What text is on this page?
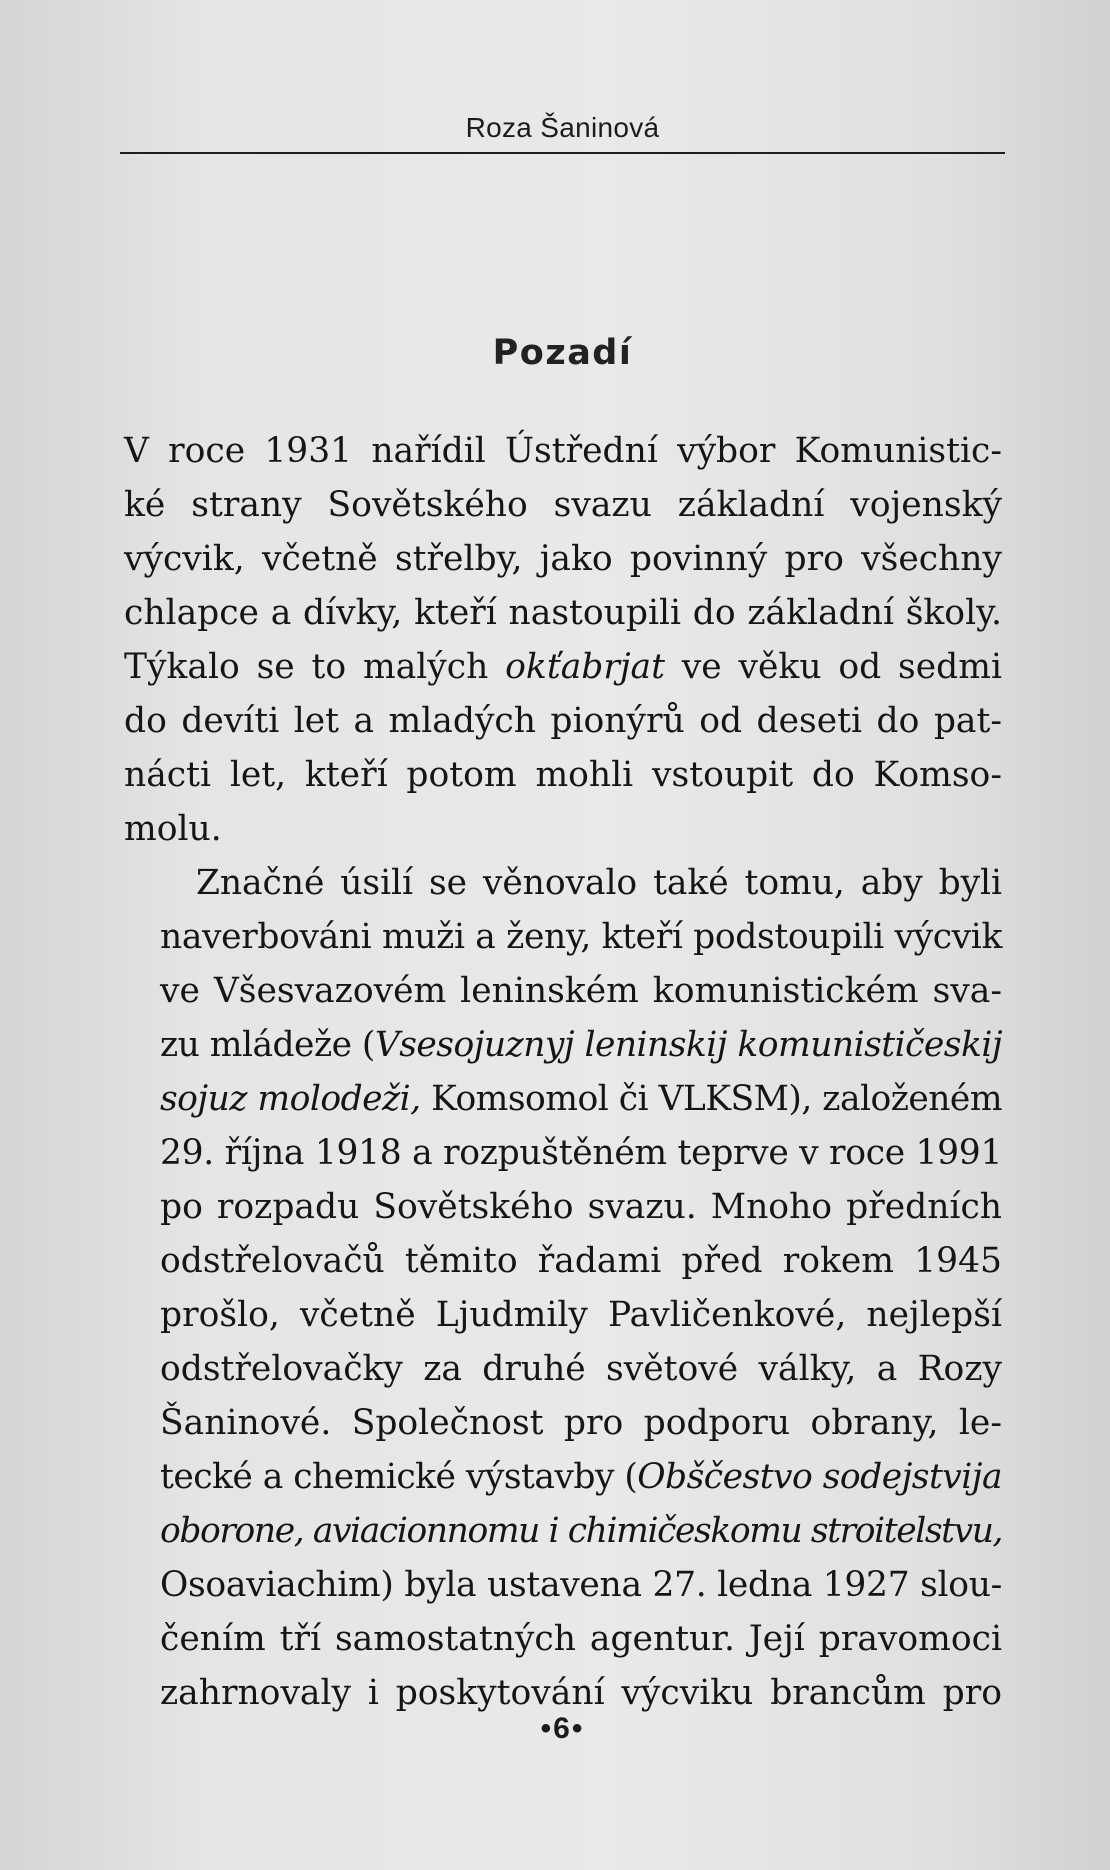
Roza Šaninová
Pozadí
V roce 1931 nařídil Ústřední výbor Komunistic-
ké strany Sovětského svazu základní vojenský
výcvik, včetně střelby, jako povinný pro všechny
chlapce a dívky, kteří nastoupili do základní školy.
Týkalo se to malých okťabrjat ve věku od sedmi
do devíti let a mladých pionýrů od deseti do pat-
nácti let, kteří potom mohli vstoupit do Komso-
molu.
Značné úsilí se věnovalo také tomu, aby byli
naverbováni muži a ženy, kteří podstoupili výcvik
ve Všesvazovém leninském komunistickém sva-
zu mládeže (Vsesojuznyj leninskij komunističeskij
sojuz molodeži, Komsomol či VLKSM), založeném
29. října 1918 a rozpuštěném teprve v roce 1991
po rozpadu Sovětského svazu. Mnoho předních
odstřelovačů těmito řadami před rokem 1945
prošlo, včetně Ljudmily Pavličenkové, nejlepší
odstřelovačky za druhé světové války, a Rozy
Šaninové. Společnost pro podporu obrany, le-
tecké a chemické výstavby (Obščestvo sodejstvija
oborone, aviacionnomu i chimičeskomu stroitelstvu,
Osoaviachim) byla ustavena 27. ledna 1927 slou-
čením tří samostatných agentur. Její pravomoci
zahrnovaly i poskytování výcviku brancům pro
•6•
